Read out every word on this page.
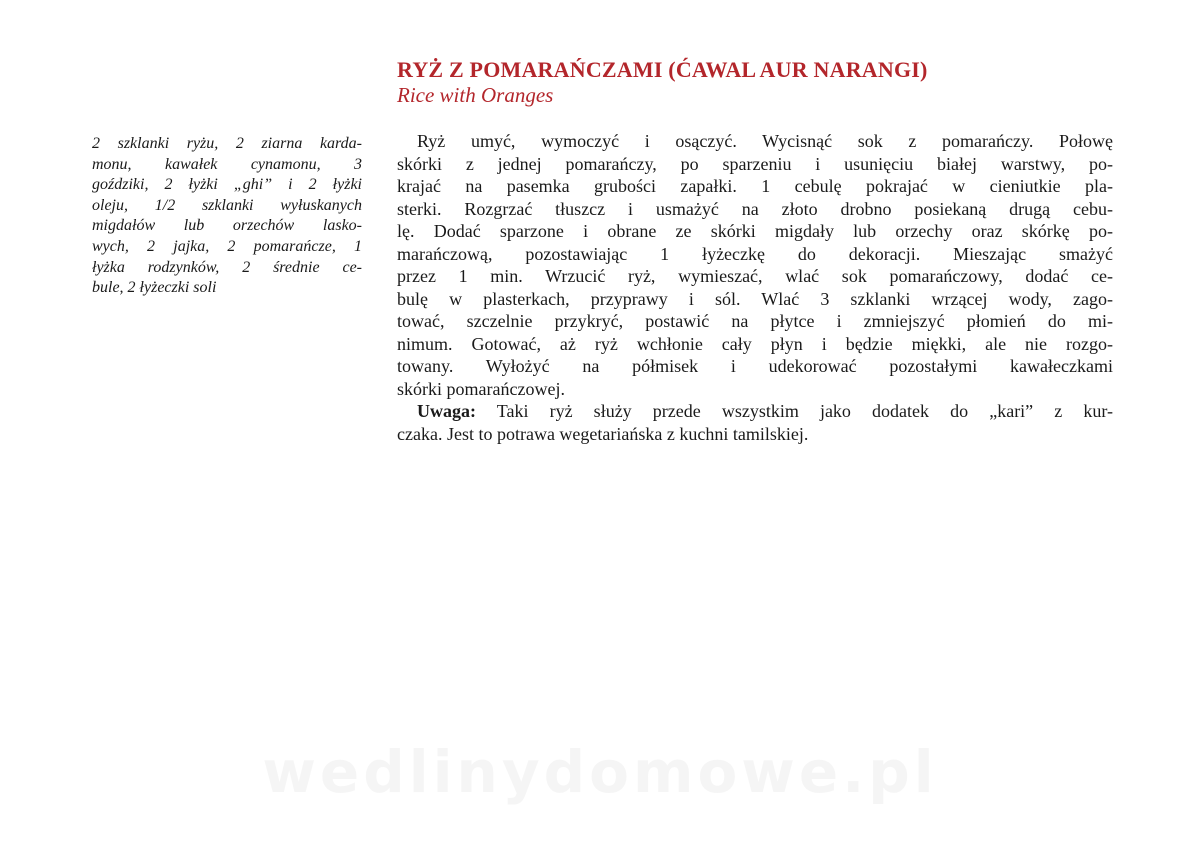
RYŻ Z POMARAŃCZAMI (ĆAWAL AUR NARANGI)
Rice with Oranges
2 szklanki ryżu, 2 ziarna karda-
monu, kawałek cynamonu, 3
goździki, 2 łyżki „ghi” i 2 łyżki
oleju, 1/2 szklanki wyłuskanych
migdałów lub orzechów lasko-
wych, 2 jajka, 2 pomarańcze, 1
łyżka rodzynków, 2 średnie ce-
bule, 2 łyżeczki soli
Ryż umyć, wymoczyć i osączyć. Wycisnąć sok z pomarańczy. Połowę
skórki z jednej pomarańczy, po sparzeniu i usunięciu białej warstwy, po-
krajać na pasemka grubości zapałki. 1 cebulę pokrajać w cieniutkie pla-
sterki. Rozgrzać tłuszcz i usmażyć na złoto drobno posiekaną drugą cebu-
lę. Dodać sparzone i obrane ze skórki migdały lub orzechy oraz skórkę po-
marańczową, pozostawiając 1 łyżeczkę do dekoracji. Mieszając smażyć
przez 1 min. Wrzucić ryż, wymieszać, wlać sok pomarańczowy, dodać ce-
bulę w plasterkach, przyprawy i sól. Wlać 3 szklanki wrzącej wody, zago-
tować, szczelnie przykryć, postawić na płytce i zmniejszyć płomień do mi-
nimum. Gotować, aż ryż wchłonie cały płyn i będzie miękki, ale nie rozgo-
towany. Wyłożyć na półmisek i udekorować pozostałymi kawałeczkami
skórki pomarańczowej.
Uwaga: Taki ryż służy przede wszystkim jako dodatek do „kari” z kur-
czaka. Jest to potrawa wegetariańska z kuchni tamilskiej.
wedlinydomowe.pl
